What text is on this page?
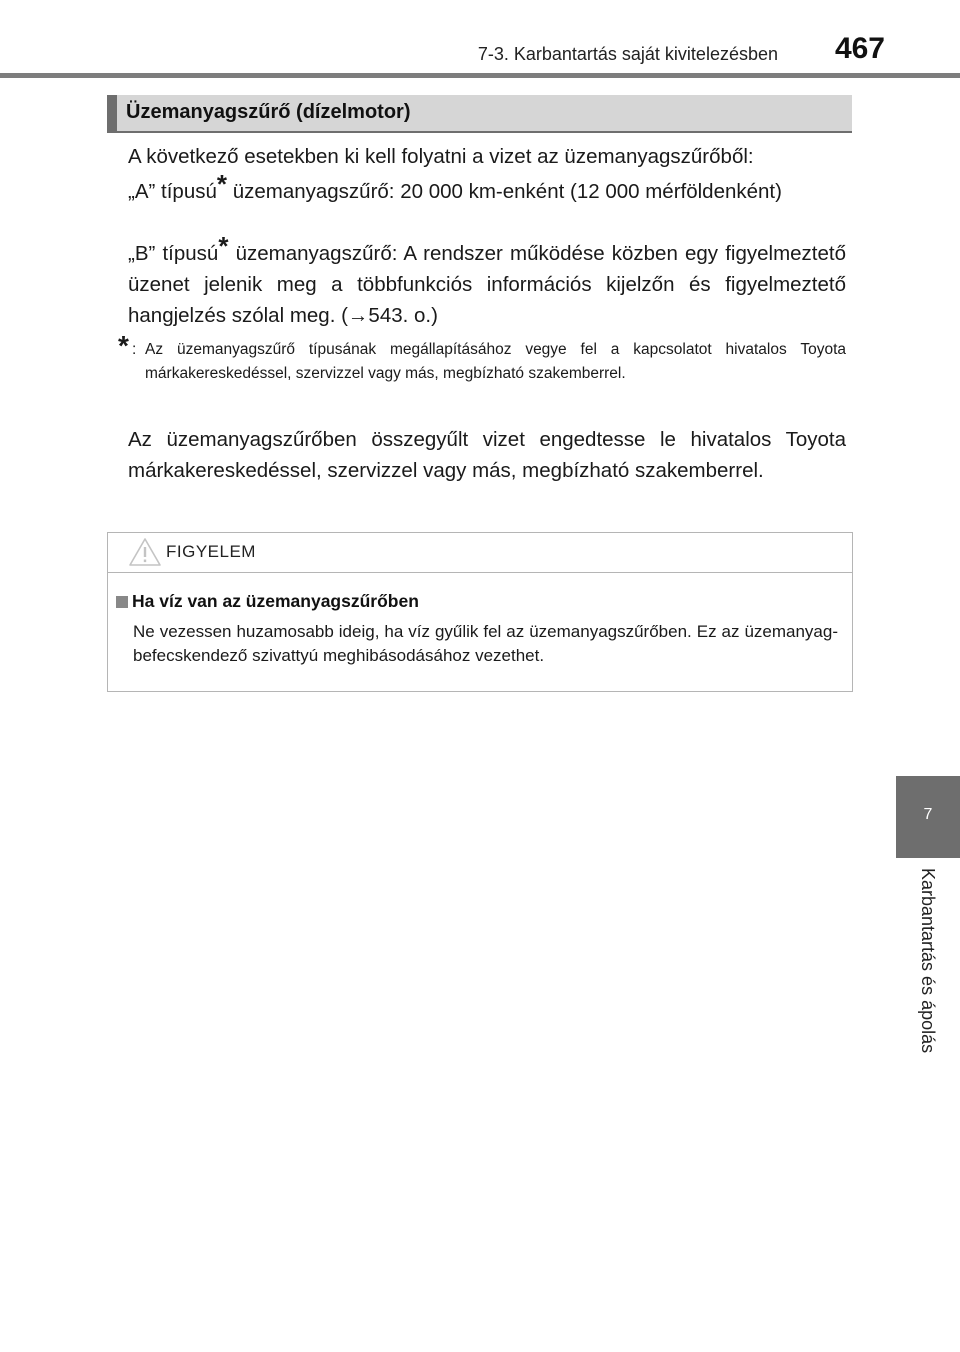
7-3. Karbantartás saját kivitelezésben	467
Üzemanyagszűrő (dízelmotor)

A következő esetekben ki kell folyatni a vizet az üzemanyagszűrőből:

„A” típusú* üzemanyagszűrő: 20 000 km-enként (12 000 mérföldenként)

„B” típusú* üzemanyagszűrő: A rendszer működése közben egy figyelmeztető üzenet jelenik meg a többfunkciós információs kijelzőn és figyelmeztető hangjelzés szólal meg. (→543. o.)

* : Az üzemanyagszűrő típusának megállapításához vegye fel a kapcsolatot hivatalos Toyota márkakereskedéssel, szervizzel vagy más, megbízható szakemberrel.

Az üzemanyagszűrőben összegyűlt vizet engedtesse le hivatalos Toyota márkakereskedéssel, szervizzel vagy más, megbízható szakemberrel.

FIGYELEM
Ha víz van az üzemanyagszűrőben
Ne vezessen huzamosabb ideig, ha víz gyűlik fel az üzemanyagszűrőben. Ez az üzemanyag-befecskendező szivattyú meghibásodásához vezethet.
7
Karbantartás és ápolás
